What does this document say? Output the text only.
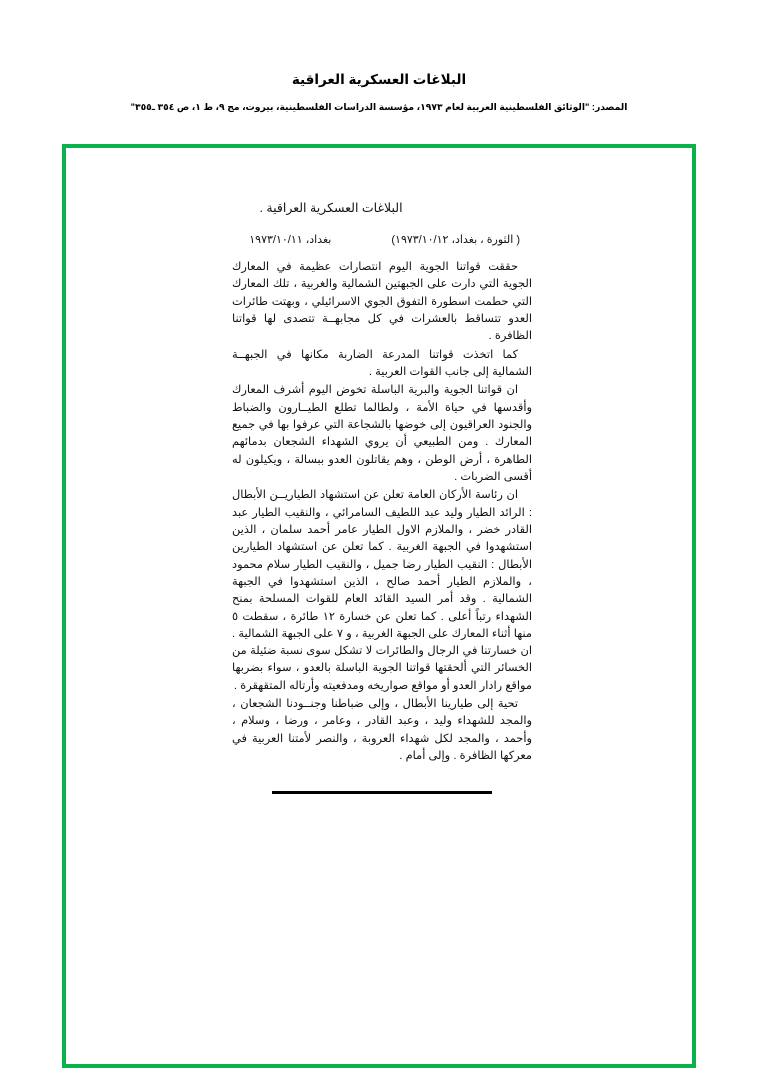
البلاغات العسكرية العراقية
المصدر: "الوثائق الفلسطينية العربية لعام ١٩٧٣، مؤسسة الدراسات الفلسطينية، بيروت، مج ٩، ط ١، ص ٣٥٤ ـ٣٥٥"
البلاغات العسكرية العراقية .
( الثورة ، بغداد، ١٩٧٣/١٠/١٢)
بغداد، ١٩٧٣/١٠/١١

حققت قواتنا الجوية اليوم انتصارات عظيمة في المعارك الجوية التي دارت على الجبهتين الشمالية والغربية ، تلك المعارك التي حطمت اسطورة التفوق الجوي الاسرائيلي ، وبهتت طائرات العدو تتساقط بالعشرات في كل مجابهــة تتصدى لها قواتنا الظافرة .

كما اتخذت قواتنا المدرعة الضاربة مكانها في الجبهــة الشمالية إلى جانب القوات العربية .

ان قواتنا الجوية والبرية الباسلة تخوض اليوم أشرف المعارك وأقدسها في حياة الأمة ، ولطالما تطلع الطيــارون والضباط والجنود العراقيون إلى خوضها بالشجاعة التي عرفوا بها في جميع المعارك . ومن الطبيعي أن يروي الشهداء الشجعان بدمائهم الطاهرة ، أرض الوطن ، وهم يقاتلون العدو ببسالة ، ويكيلون له أقسى الضربات .

ان رئاسة الأركان العامة تعلن عن استشهاد الطياريــن الأبطال : الرائد الطيار وليد عبد اللطيف السامرائي ، والنقيب الطيار عبد القادر خضر ، والملازم الاول الطيار عامر أحمد سلمان ، الذين استشهدوا في الجبهة الغربية . كما تعلن عن استشهاد الطيارين الأبطال : النقيب الطيار رضا جميل ، والنقيب الطيار سلام محمود ، والملازم الطيار أحمد صالح ، الذين استشهدوا في الجبهة الشمالية . وقد أمر السيد القائد العام للقوات المسلحة بمنح الشهداء رتباً أعلى . كما تعلن عن خسارة ١٢ طائرة ، سقطت ٥ منها أثناء المعارك على الجبهة الغربية ، و ٧ على الجبهة الشمالية . ان خسارتنا في الرجال والطائرات لا تشكل سوى نسبة ضئيلة من الخسائر التي ألحقتها قواتنا الجوية الباسلة بالعدو ، سواء بضربها مواقع رادار العدو أو مواقع صواريخه ومدفعيته وأرتاله المتقهقرة .

تحية إلى طيارينا الأبطال ، وإلى ضباطنا وجنــودنا الشجعان ، والمجد للشهداء وليد ، وعبد القادر ، وعامر ، ورضا ، وسلام ، وأحمد ، والمجد لكل شهداء العروبة ، والنصر لأمتنا العربية في معركها الظافرة . وإلى أمام .
